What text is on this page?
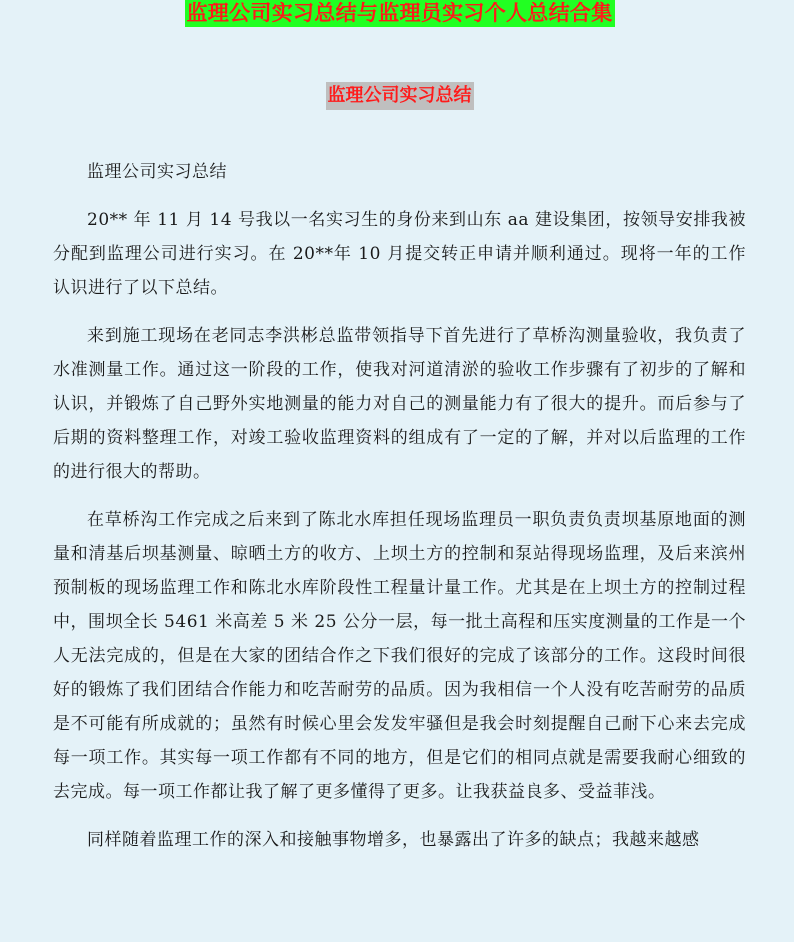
监理公司实习总结与监理员实习个人总结合集
监理公司实习总结

监理公司实习总结

20** 年 11 月 14 号我以一名实习生的身份来到山东 aa 建设集团，按领导安排我被分配到监理公司进行实习。在 20**年 10 月提交转正申请并顺利通过。现将一年的工作认识进行了以下总结。

来到施工现场在老同志李洪彬总监带领指导下首先进行了草桥沟测量验收，我负责了水准测量工作。通过这一阶段的工作，使我对河道清淤的验收工作步骤有了初步的了解和认识，并锻炼了自己野外实地测量的能力对自己的测量能力有了很大的提升。而后参与了后期的资料整理工作，对竣工验收监理资料的组成有了一定的了解，并对以后监理的工作的进行很大的帮助。

在草桥沟工作完成之后来到了陈北水库担任现场监理员一职负责负责坝基原地面的测量和清基后坝基测量、晾晒土方的收方、上坝土方的控制和泵站得现场监理，及后来滨州预制板的现场监理工作和陈北水库阶段性工程量计量工作。尤其是在上坝土方的控制过程中，围坝全长 5461 米高差 5 米 25 公分一层，每一批土高程和压实度测量的工作是一个人无法完成的，但是在大家的团结合作之下我们很好的完成了该部分的工作。这段时间很好的锻炼了我们团结合作能力和吃苦耐劳的品质。因为我相信一个人没有吃苦耐劳的品质是不可能有所成就的；虽然有时候心里会发发牢骚但是我会时刻提醒自己耐下心来去完成每一项工作。其实每一项工作都有不同的地方，但是它们的相同点就是需要我耐心细致的去完成。每一项工作都让我了解了更多懂得了更多。让我获益良多、受益菲浅。

同样随着监理工作的深入和接触事物增多，也暴露出了许多的缺点；我越来越感
